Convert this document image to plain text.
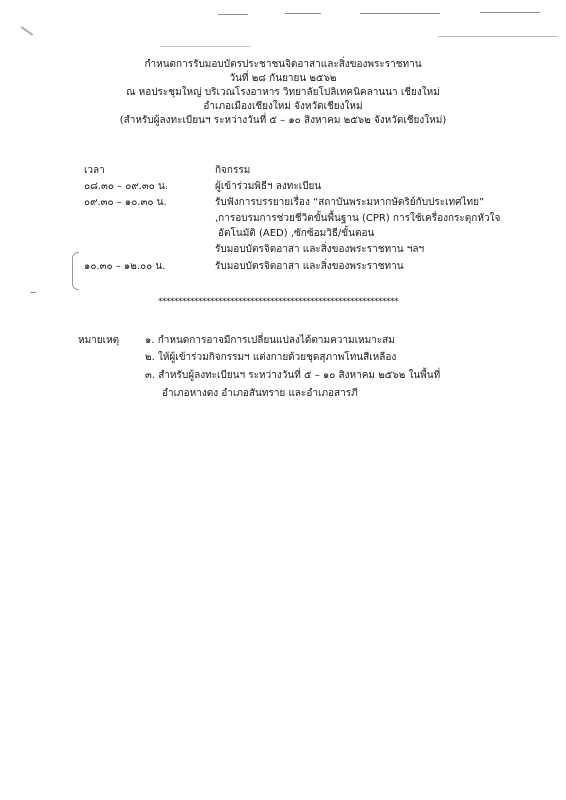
กำหนดการรับมอบบัตรประชาชนจิตอาสาและสิ่งของพระราชทาน
วันที่ ๒๘ กันยายน ๒๕๖๒
ณ หอประชุมใหญ่ บริเวณโรงอาหาร วิทยาลัยโปลิเทคนิคลานนา เชียงใหม่
อำเภอเมืองเชียงใหม่ จังหวัดเชียงใหม่
(สำหรับผู้ลงทะเบียนฯ ระหว่างวันที่ ๕ – ๑๐ สิงหาคม ๒๕๖๒ จังหวัดเชียงใหม่)
เวลา	กิจกรรม
๐๘.๓๐ – ๐๙.๓๐ น.	ผู้เข้าร่วมพิธีฯ ลงทะเบียน
๐๙.๓๐ – ๑๐.๓๐ น.	รับฟังการบรรยายเรื่อง “สถาบันพระมหากษัตริย์กับประเทศไทย”
,การอบรมการช่วยชีวิตขั้นพื้นฐาน (CPR) การใช้เครื่องกระตุกหัวใจ
อัตโนมัติ (AED) ,ซักซ้อมวิธี/ขั้นตอน
รับมอบบัตรจิตอาสา และสิ่งของพระราชทาน ฯลฯ
๑๐.๓๐ – ๑๒.๐๐ น.	รับมอบบัตรจิตอาสา และสิ่งของพระราชทาน
************************************************************
หมายเหตุ	๑. กำหนดการอาจมีการเปลี่ยนแปลงได้ตามความเหมาะสม
๒. ให้ผู้เข้าร่วมกิจกรรมฯ แต่งกายด้วยชุดสุภาพโทนสีเหลือง
๓. สำหรับผู้ลงทะเบียนฯ ระหว่างวันที่ ๕ – ๑๐ สิงหาคม ๒๕๖๒ ในพื้นที่
อำเภอหางดง อำเภอสันทราย และอำเภอสารภี
